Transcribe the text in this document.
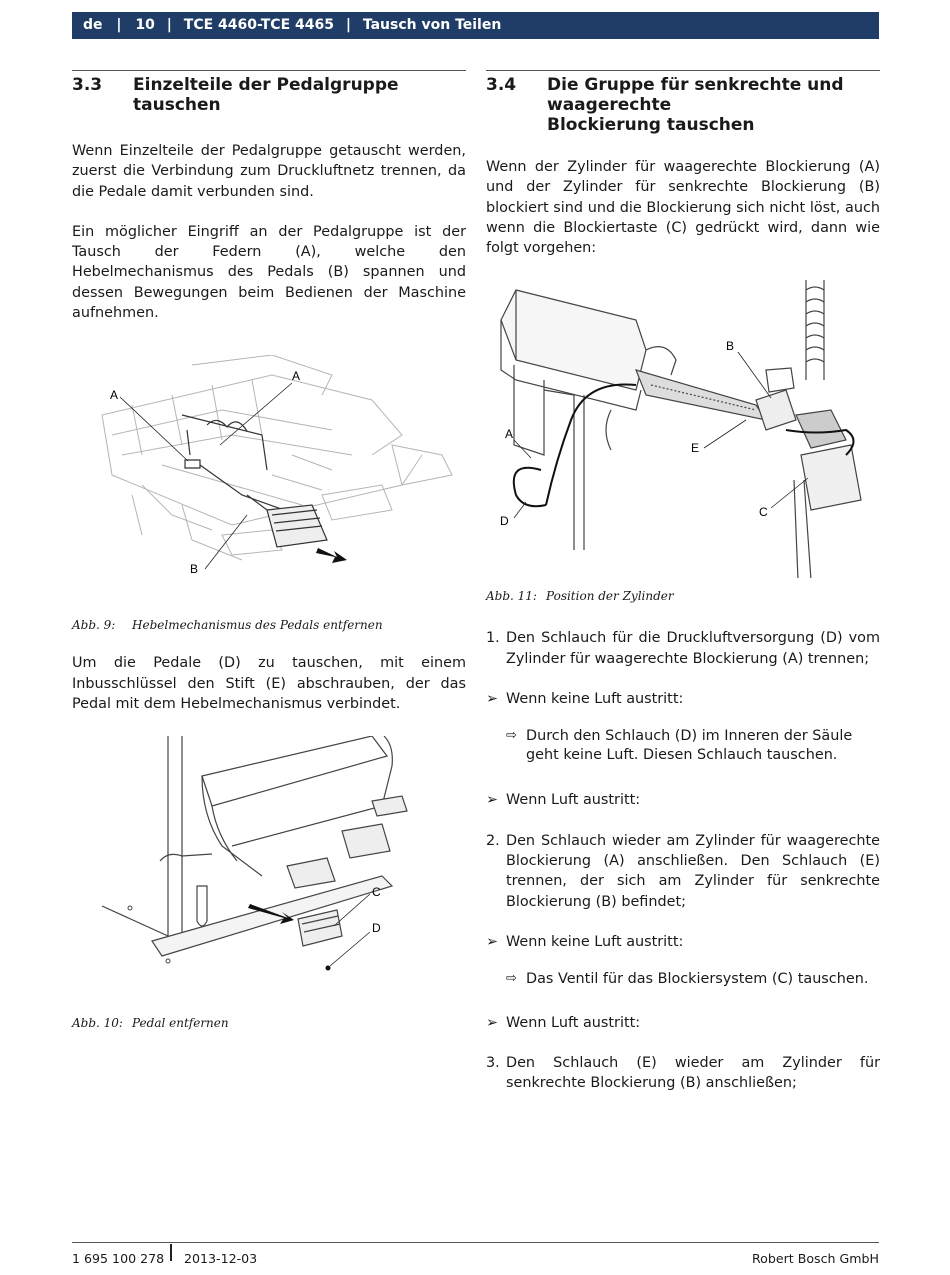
de | 10 | TCE 4460-TCE 4465 | Tausch von Teilen
3.3	Einzelteile der Pedalgruppe tauschen

Wenn Einzelteile der Pedalgruppe getauscht werden, zuerst die Verbindung zum Druckluftnetz trennen, da die Pedale damit verbunden sind.

Ein möglicher Eingriff an der Pedalgruppe ist der Tausch der Federn (A), welche den Hebelmechanismus des Pedals (B) spannen und dessen Bewegungen beim Bedienen der Maschine aufnehmen.

A
A
B
Abb. 9:	Hebelmechanismus des Pedals entfernen

Um die Pedale (D) zu tauschen, mit einem Inbusschlüssel den Stift (E) abschrauben, der das Pedal mit dem Hebelmechanismus verbindet.

C
D
Abb. 10: Pedal entfernen
3.4	Die Gruppe für senkrechte und waagerechte
Blockierung tauschen

Wenn der Zylinder für waagerechte Blockierung (A) und der Zylinder für senkrechte Blockierung (B) blockiert sind und die Blockierung sich nicht löst, auch wenn die Blockiertaste (C) gedrückt wird, dann wie folgt vorgehen:

A
B
C
D
E
Abb. 11: Position der Zylinder
1. Den Schlauch für die Druckluftversorgung (D) vom Zylinder für waagerechte Blockierung (A) trennen;
➢ Wenn keine Luft austritt:
⇨ Durch den Schlauch (D) im Inneren der Säule geht keine Luft. Diesen Schlauch tauschen.
➢ Wenn Luft austritt:
2. Den Schlauch wieder am Zylinder für waagerechte Blockierung (A) anschließen. Den Schlauch (E) trennen, der sich am Zylinder für senkrechte Blockierung (B) befindet;
➢ Wenn keine Luft austritt:
⇨ Das Ventil für das Blockiersystem (C) tauschen.
➢ Wenn Luft austritt:
3. Den Schlauch (E) wieder am Zylinder für senkrechte Blockierung (B) anschließen;
1 695 100 278 2013-12-03	Robert Bosch GmbH
